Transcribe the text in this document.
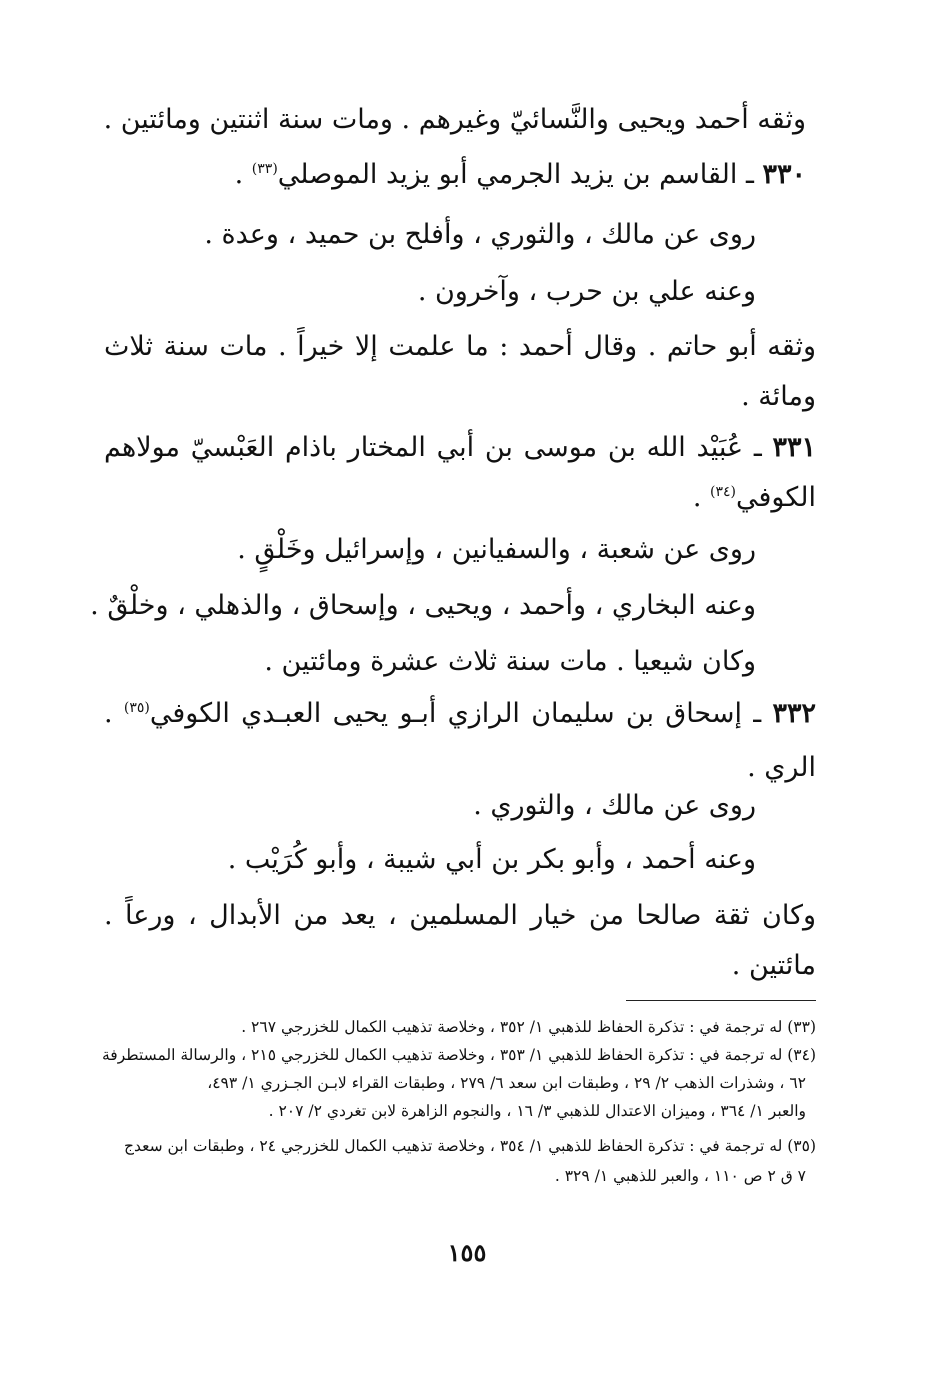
وثقه أحمد ويحيى والنَّسائيّ وغيرهم . ومات سنة اثنتين ومائتين .
٣٣٠ ـ القاسم بن يزيد الجرمي أبو يزيد الموصلي$^{(٣٣)}$ .
روى عن مالك ، والثوري ، وأفلح بن حميد ، وعدة .
وعنه علي بن حرب ، وآخرون .
وثقه أبو حاتم . وقال أحمد : ما علمت إلا خيراً . مات سنة ثلاث
ومائة .
٣٣١ ـ عُبَيْد الله بن موسى بن أبي المختار باذام العَبْسيّ مولاهم
الكوفي$^{(٣٤)}$ .
روى عن شعبة ، والسفيانين ، وإسرائيل وخَلْقٍ .
وعنه البخاري ، وأحمد ، ويحيى ، وإسحاق ، والذهلي ، وخلْقٌ .
وكان شيعيا . مات سنة ثلاث عشرة ومائتين .
٣٣٢ ـ إسحاق بن سليمان الرازي أبـو يحيى العبـدي الكوفي$^{(٣٥)}$ .
الري .
روى عن مالك ، والثوري .
وعنه أحمد ، وأبو بكر بن أبي شيبة ، وأبو كُرَيْب .
وكان ثقة صالحا من خيار المسلمين ، يعد من الأبدال ، ورعاً .
مائتين .
(٣٣) له ترجمة في : تذكرة الحفاظ للذهبي ١/ ٣٥٢ ، وخلاصة تذهيب الكمال للخزرجي ٢٦٧ .
(٣٤) له ترجمة في : تذكرة الحفاظ للذهبي ١/ ٣٥٣ ، وخلاصة تذهيب الكمال للخزرجي ٢١٥ ، والرسالة المستطرفة
٦٢ ، وشذرات الذهب ٢/ ٢٩ ، وطبقات ابن سعد ٦/ ٢٧٩ ، وطبقات القراء لابـن الجـزري ١/ ٤٩٣،
والعبر ١/ ٣٦٤ ، وميزان الاعتدال للذهبي ٣/ ١٦ ، والنجوم الزاهرة لابن تغردي ٢/ ٢٠٧ .
(٣٥) له ترجمة في : تذكرة الحفاظ للذهبي ١/ ٣٥٤ ، وخلاصة تذهيب الكمال للخزرجي ٢٤ ، وطبقات ابن سعدج
٧ ق ٢ ص ١١٠ ، والعبر للذهبي ١/ ٣٢٩ .
١٥٥
